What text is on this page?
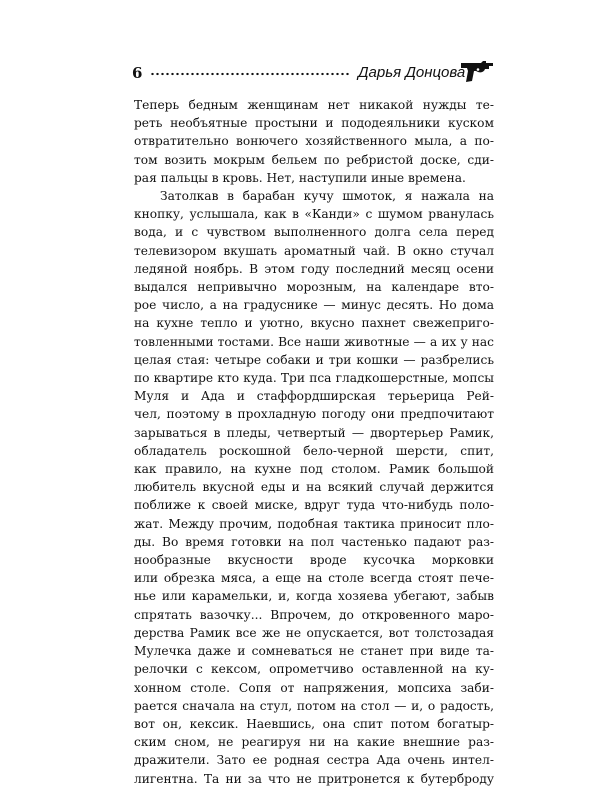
6	Дарья Донцова
Теперь бедным женщинам нет никакой нужды те-
реть необъятные простыни и пододеяльники куском
отвратительно вонючего хозяйственного мыла, а по-
том возить мокрым бельем по ребристой доске, сди-
рая пальцы в кровь. Нет, наступили иные времена.
Затолкав в барабан кучу шмоток, я нажала на
кнопку, услышала, как в «Канди» с шумом рванулась
вода, и с чувством выполненного долга села перед
телевизором вкушать ароматный чай. В окно стучал
ледяной ноябрь. В этом году последний месяц осени
выдался непривычно морозным, на календаре вто-
рое число, а на градуснике — минус десять. Но дома
на кухне тепло и уютно, вкусно пахнет свежеприго-
товленными тостами. Все наши животные — а их у нас
целая стая: четыре собаки и три кошки — разбрелись
по квартире кто куда. Три пса гладкошерстные, мопсы
Муля и Ада и стаффордширская терьерица Рей-
чел, поэтому в прохладную погоду они предпочитают
зарываться в пледы, четвертый — двортерьер Рамик,
обладатель роскошной бело-черной шерсти, спит,
как правило, на кухне под столом. Рамик большой
любитель вкусной еды и на всякий случай держится
поближе к своей миске, вдруг туда что-нибудь поло-
жат. Между прочим, подобная тактика приносит пло-
ды. Во время готовки на пол частенько падают раз-
нообразные вкусности вроде кусочка морковки
или обрезка мяса, а еще на столе всегда стоят пече-
нье или карамельки, и, когда хозяева убегают, забыв
спрятать вазочку... Впрочем, до откровенного маро-
дерства Рамик все же не опускается, вот толстозадая
Мулечка даже и сомневаться не станет при виде та-
релочки с кексом, опрометчиво оставленной на ку-
хонном столе. Сопя от напряжения, мопсиха заби-
рается сначала на стул, потом на стол — и, о радость,
вот он, кексик. Наевшись, она спит потом богатыр-
ским сном, не реагируя ни на какие внешние раз-
дражители. Зато ее родная сестра Ада очень интел-
лигентна. Та ни за что не притронется к бутерброду
